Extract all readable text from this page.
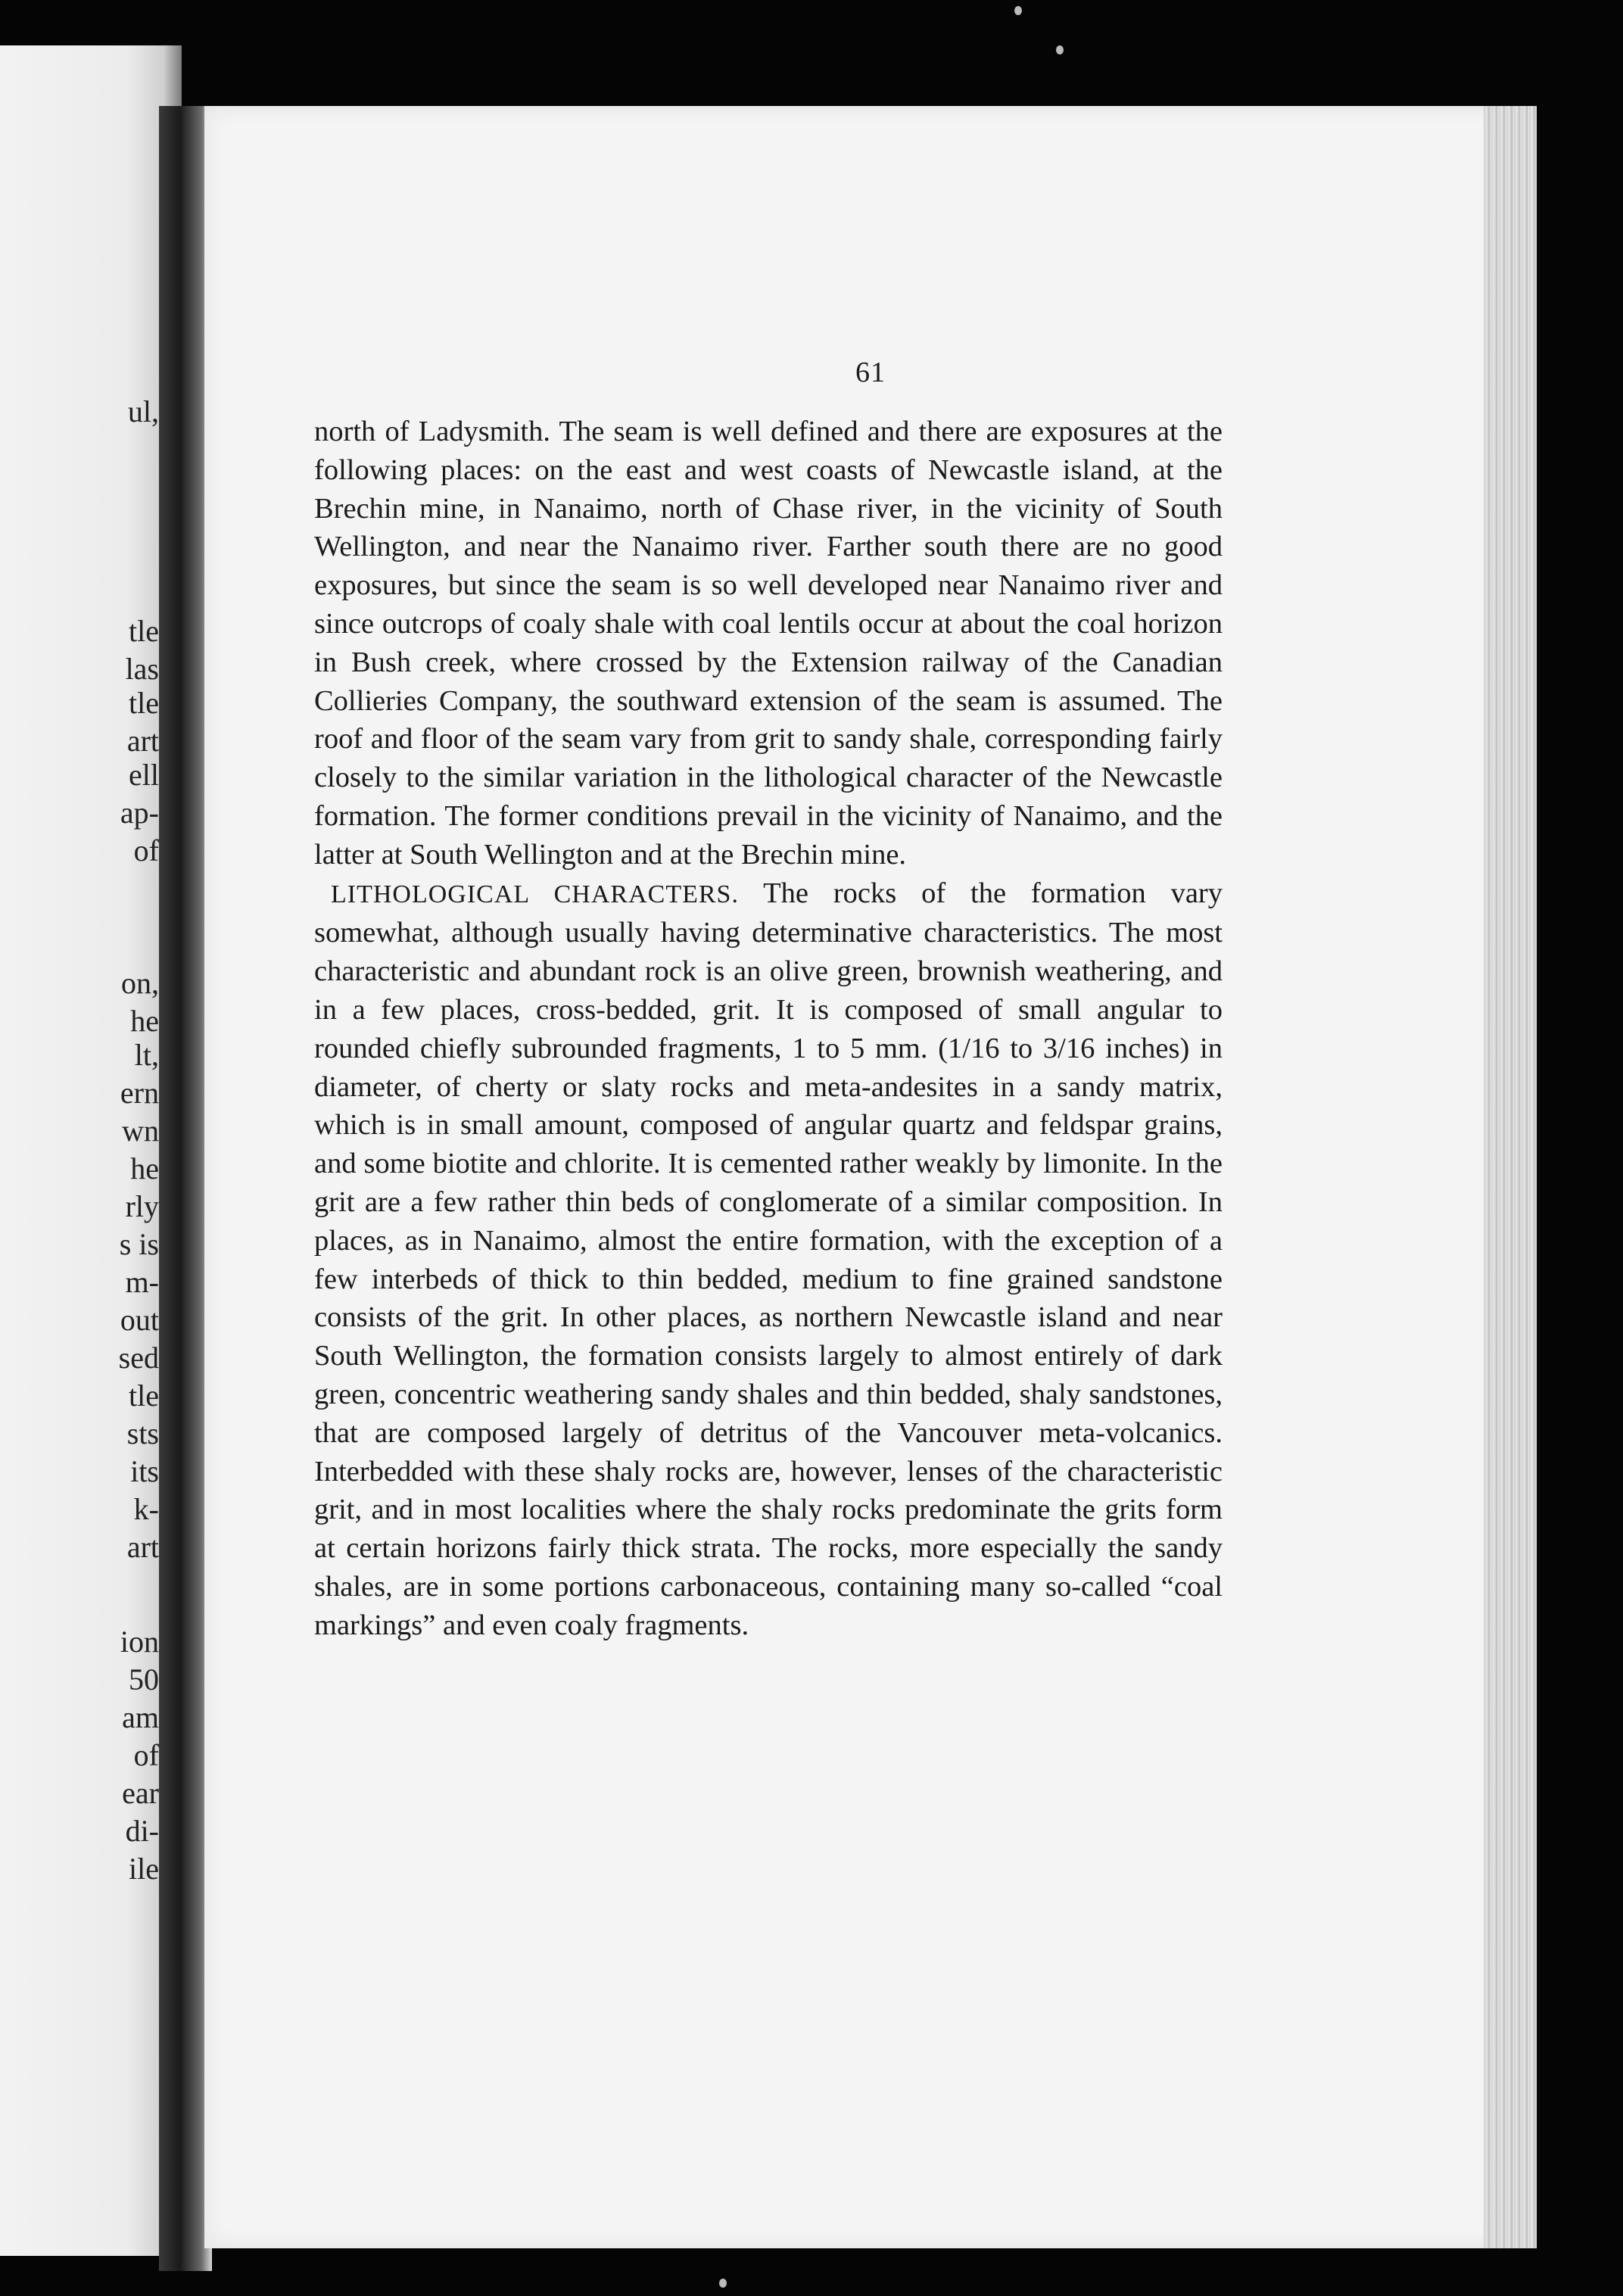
ul,
tle
las
tle
art
ell
ap-
of
on,
he
lt,
ern
wn
he
rly
s is
m-
out
sed
tle
sts
its
k-
art
ion
50
am
of
ear
di-
ile
61

north of Ladysmith. The seam is well defined and there are exposures at the following places: on the east and west coasts of Newcastle island, at the Brechin mine, in Nanaimo, north of Chase river, in the vicinity of South Wellington, and near the Nanaimo river. Farther south there are no good exposures, but since the seam is so well developed near Nanaimo river and since outcrops of coaly shale with coal lentils occur at about the coal horizon in Bush creek, where crossed by the Extension railway of the Canadian Collieries Company, the southward extension of the seam is assumed. The roof and floor of the seam vary from grit to sandy shale, corresponding fairly closely to the similar variation in the lithological character of the Newcastle formation. The former conditions prevail in the vicinity of Nanaimo, and the latter at South Wellington and at the Brechin mine.

LITHOLOGICAL CHARACTERS. The rocks of the formation vary somewhat, although usually having determinative characteristics. The most characteristic and abundant rock is an olive green, brownish weathering, and in a few places, cross-bedded, grit. It is composed of small angular to rounded chiefly subrounded fragments, 1 to 5 mm. (1/16 to 3/16 inches) in diameter, of cherty or slaty rocks and meta-andesites in a sandy matrix, which is in small amount, composed of angular quartz and feldspar grains, and some biotite and chlorite. It is cemented rather weakly by limonite. In the grit are a few rather thin beds of conglomerate of a similar composition. In places, as in Nanaimo, almost the entire formation, with the exception of a few interbeds of thick to thin bedded, medium to fine grained sandstone consists of the grit. In other places, as northern Newcastle island and near South Wellington, the formation consists largely to almost entirely of dark green, concentric weathering sandy shales and thin bedded, shaly sandstones, that are composed largely of detritus of the Vancouver meta-volcanics. Interbedded with these shaly rocks are, however, lenses of the characteristic grit, and in most localities where the shaly rocks predominate the grits form at certain horizons fairly thick strata. The rocks, more especially the sandy shales, are in some portions carbonaceous, containing many so-called “coal markings” and even coaly fragments.
